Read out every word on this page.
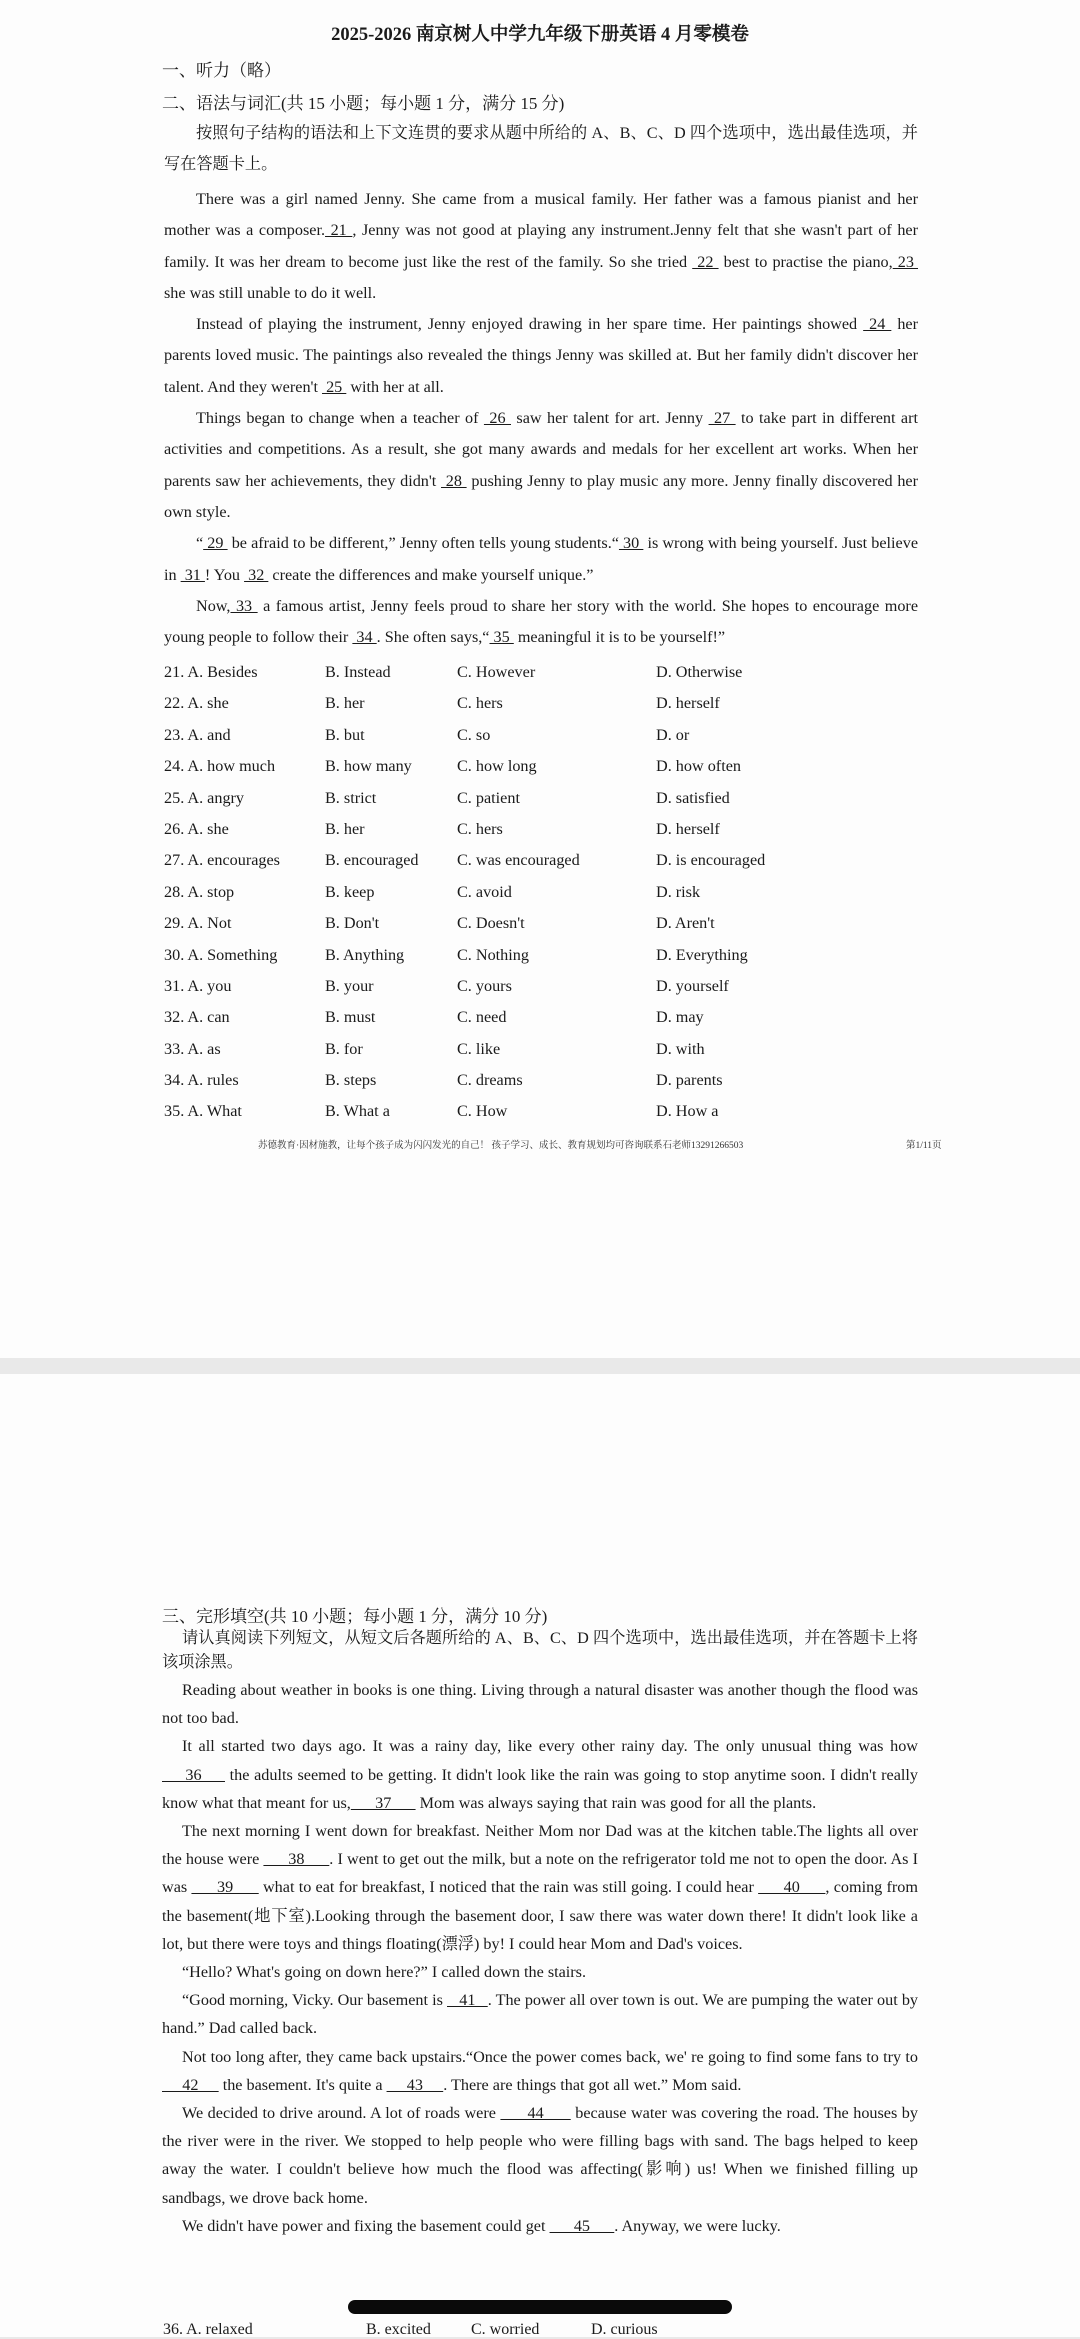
2025-2026 南京树人中学九年级下册英语 4 月零模卷
一、听力（略）
二、语法与词汇(共 15 小题；每小题 1 分，满分 15 分)

按照句子结构的语法和上下文连贯的要求从题中所给的 A、B、C、D 四个选项中，选出最佳选项，并写在答题卡上。

There was a girl named Jenny. She came from a musical family. Her father was a famous pianist and her mother was a composer. 21 , Jenny was not good at playing any instrument.Jenny felt that she wasn't part of her family. It was her dream to become just like the rest of the family. So she tried  22  best to practise the piano, 23  she was still unable to do it well.

Instead of playing the instrument, Jenny enjoyed drawing in her spare time. Her paintings showed  24  her parents loved music. The paintings also revealed the things Jenny was skilled at. But her family didn't discover her talent. And they weren't  25  with her at all.

Things began to change when a teacher of  26  saw her talent for art. Jenny  27  to take part in different art activities and competitions. As a result, she got many awards and medals for her excellent art works. When her parents saw her achievements, they didn't  28  pushing Jenny to play music any more. Jenny finally discovered her own style.

“ 29  be afraid to be different,” Jenny often tells young students.“ 30  is wrong with being yourself. Just believe in  31 ! You  32  create the differences and make yourself unique.”

Now, 33  a famous artist, Jenny feels proud to share her story with the world. She hopes to encourage more young people to follow their  34 . She often says,“ 35  meaningful it is to be yourself!”

21. A. Besides	B. Instead	C. However	D. Otherwise
22. A. she	B. her	C. hers	D. herself
23. A. and	B. but	C. so	D. or
24. A. how much	B. how many	C. how long	D. how often
25. A. angry	B. strict	C. patient	D. satisfied
26. A. she	B. her	C. hers	D. herself
27. A. encourages	B. encouraged C. was encouraged	D. is encouraged
28. A. stop	B. keep	C. avoid	D. risk
29. A. Not	B. Don't	C. Doesn't	D. Aren't
30. A. Something	B. Anything	C. Nothing	D. Everything
31. A. you	B. your	C. yours	D. yourself
32. A. can	B. must	C. need	D. may
33. A. as	B. for	C. like	D. with
34. A. rules	B. steps	C. dreams	D. parents
35. A. What	B. What a	C. How	D. How a
苏德教育·因材施教，让每个孩子成为闪闪发光的自己！ 孩子学习、成长、教育规划均可咨询联系石老师13291266503	第1/11页
三、完形填空(共 10 小题；每小题 1 分，满分 10 分)

请认真阅读下列短文，从短文后各题所给的 A、B、C、D 四个选项中，选出最佳选项，并在答题卡上将该项涂黑。

Reading about weather in books is one thing. Living through a natural disaster was another though the flood was not too bad.

It all started two days ago. It was a rainy day, like every other rainy day. The only unusual thing was how      36      the adults seemed to be getting. It didn't look like the rain was going to stop anytime soon. I didn't really know what that meant for us,      37       Mom was always saying that rain was good for all the plants.

The next morning I went down for breakfast. Neither Mom nor Dad was at the kitchen table.The lights all over the house were       38      . I went to get out the milk, but a note on the refrigerator told me not to open the door. As I was       39       what to eat for breakfast, I noticed that the rain was still going. I could hear       40      , coming from the basement(地下室).Looking through the basement door, I saw there was water down there! It didn't look like a lot, but there were toys and things floating(漂浮) by! I could hear Mom and Dad's voices.

“Hello? What's going on down here?” I called down the stairs.

“Good morning, Vicky. Our basement is    41   . The power all over town is out. We are pumping the water out by hand.” Dad called back.

Not too long after, they came back upstairs.“Once the power comes back, we' re going to find some fans to try to      42      the basement. It's quite a      43     . There are things that got all wet.” Mom said.

We decided to drive around. A lot of roads were       44       because water was covering the road. The houses by the river were in the river. We stopped to help people who were filling bags with sand. The bags helped to keep away the water. I couldn't believe how much the flood was affecting(影响) us! When we finished filling up sandbags, we drove back home.

We didn't have power and fixing the basement could get       45      . Anyway, we were lucky.

36. A. relaxed	B. excited	C. worried	D. curious
